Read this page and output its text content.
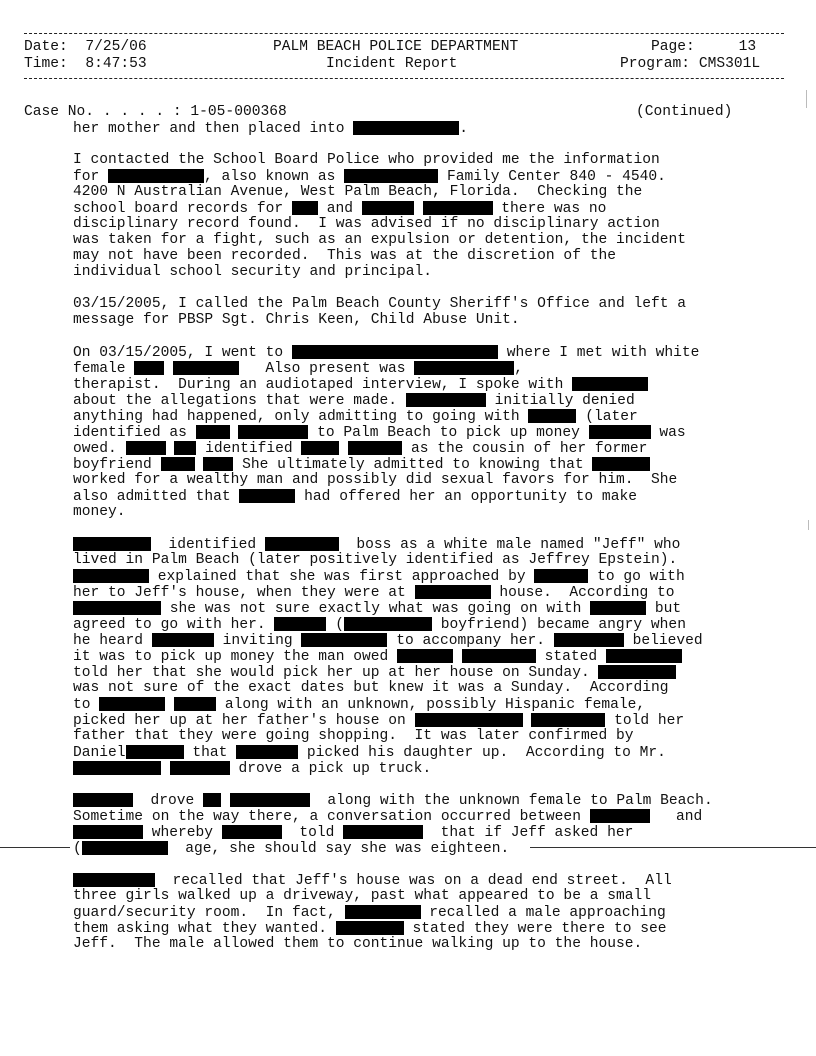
Date: 7/25/06
Time: 8:47:53
PALM BEACH POLICE DEPARTMENT
Incident Report
Page:	13
Program: CMS301L
Case No. . . . . : 1-05-000368	(Continued)
her mother and then placed into	.
I contacted the School Board Police who provided me the information
for	, also known as	Family Center 840 - 4540.
4200 N Australian Avenue, West Palm Beach, Florida.  Checking the
school board records for	and	there was no
disciplinary record found.  I was advised if no disciplinary action
was taken for a fight, such as an expulsion or detention, the incident
may not have been recorded.  This was at the discretion of the
individual school security and principal.
03/15/2005, I called the Palm Beach County Sheriff's Office and left a
message for PBSP Sgt. Chris Keen, Child Abuse Unit.
On 03/15/2005, I went to	where I met with white
female	Also present was	,
therapist.  During an audiotaped interview, I spoke with
about the allegations that were made.	initially denied
anything had happened, only admitting to going with	(later
identified as	to Palm Beach to pick up money	was
owed.	identified	as the cousin of her former
boyfriend	She ultimately admitted to knowing that
worked for a wealthy man and possibly did sexual favors for him.  She
also admitted that	had offered her an opportunity to make
money.
identified	boss as a white male named "Jeff" who
lived in Palm Beach (later positively identified as Jeffrey Epstein).
explained that she was first approached by	to go with
her to Jeff's house, when they were at	house.  According to
she was not sure exactly what was going on with	but
agreed to go with her.	(	boyfriend) became angry when
he heard	inviting	to accompany her.	believed
it was to pick up money the man owed	stated
told her that she would pick her up at her house on Sunday.
was not sure of the exact dates but knew it was a Sunday.  According
to	along with an unknown, possibly Hispanic female,
picked her up at her father's house on	told her
father that they were going shopping.  It was later confirmed by
Daniel	that	picked his daughter up.  According to Mr.
drove a pick up truck.
drove	along with the unknown female to Palm Beach.
Sometime on the way there, a conversation occurred between	and
whereby	told	that if Jeff asked her
(	age, she should say she was eighteen.
recalled that Jeff's house was on a dead end street.  All
three girls walked up a driveway, past what appeared to be a small
guard/security room.  In fact,	recalled a male approaching
them asking what they wanted.	stated they were there to see
Jeff.  The male allowed them to continue walking up to the house.
